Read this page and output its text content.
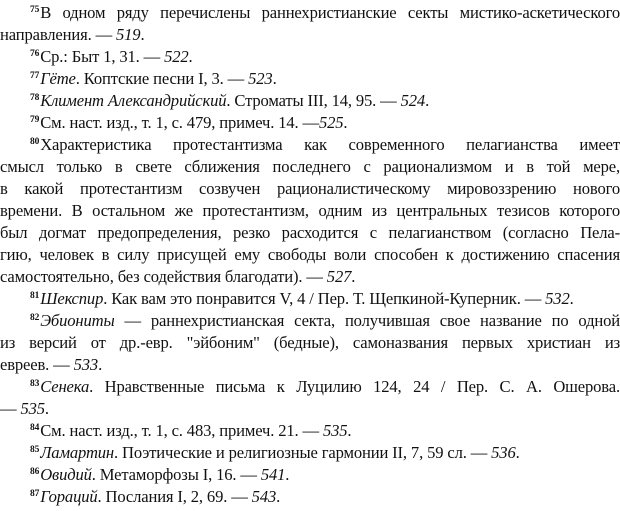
$^{75}$В одном ряду перечислены раннехристианские секты мистико-аскетического
направления. — 519.
$^{76}$Ср.: Быт 1, 31. — 522.
$^{77}$Гёте. Коптские песни I, 3. — 523.
$^{78}$Климент Александрийский. Строматы III, 14, 95. — 524.
$^{79}$См. наст. изд., т. 1, с. 479, примеч. 14. —525.
$^{80}$Характеристика протестантизма как современного пелагианства имеет
смысл только в свете сближения последнего с рационализмом и в той мере,
в какой протестантизм созвучен рационалистическому мировоззрению нового
времени. В остальном же протестантизм, одним из центральных тезисов которого
был догмат предопределения, резко расходится с пелагианством (согласно Пела-
гию, человек в силу присущей ему свободы воли способен к достижению спасения
самостоятельно, без содействия благодати). — 527.
$^{81}$Шекспир. Как вам это понравится V, 4 / Пер. Т. Щепкиной-Куперник. — 532.
$^{82}$Эбиониты — раннехристианская секта, получившая свое название по одной
из версий от др.-евр. "эйбоним" (бедные), самоназвания первых христиан из
евреев. — 533.
$^{83}$Сенека. Нравственные письма к Луцилию 124, 24 / Пер. С. А. Ошерова.
— 535.
$^{84}$См. наст. изд., т. 1, с. 483, примеч. 21. — 535.
$^{85}$Ламартин. Поэтические и религиозные гармонии II, 7, 59 сл. — 536.
$^{86}$Овидий. Метаморфозы I, 16. — 541.
$^{87}$Гораций. Послания I, 2, 69. — 543.
